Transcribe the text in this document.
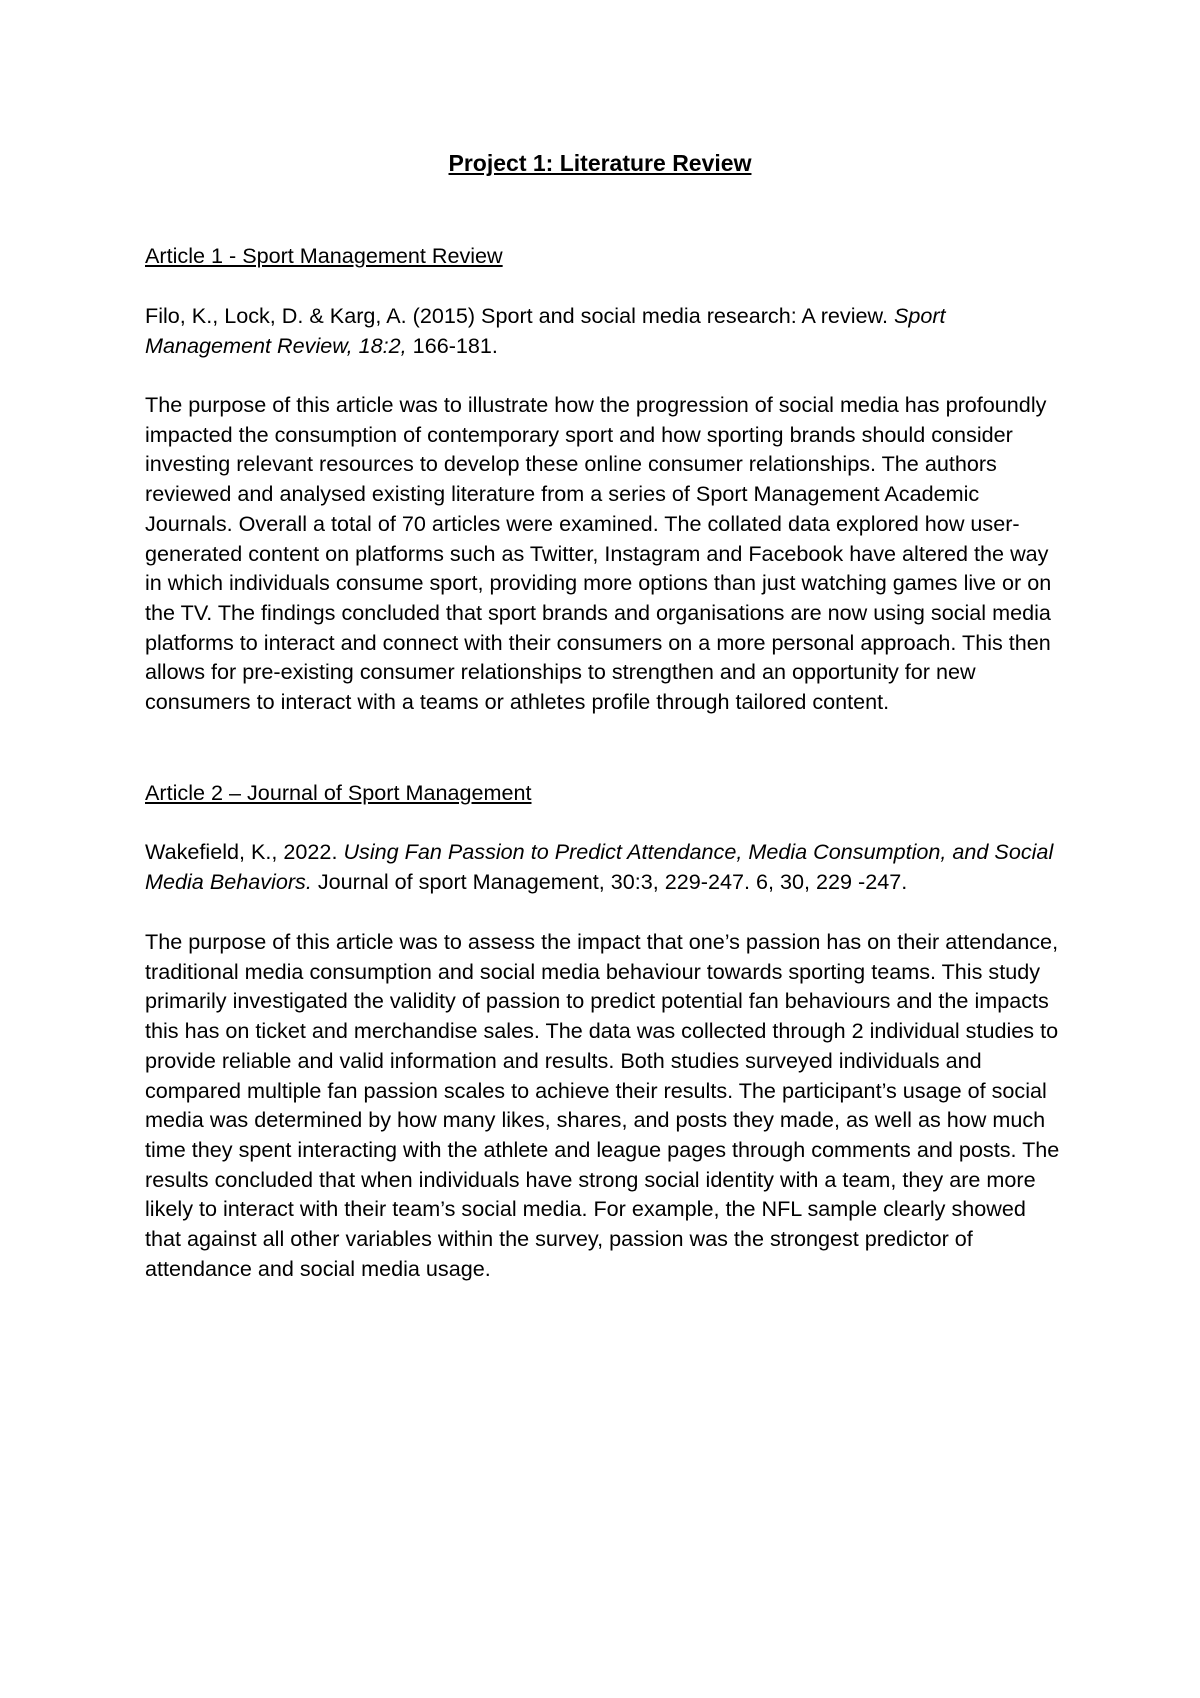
Project 1: Literature Review

Article 1 - Sport Management Review

Filo, K., Lock, D. & Karg, A. (2015) Sport and social media research: A review. Sport Management Review, 18:2, 166-181.

The purpose of this article was to illustrate how the progression of social media has profoundly impacted the consumption of contemporary sport and how sporting brands should consider investing relevant resources to develop these online consumer relationships. The authors reviewed and analysed existing literature from a series of Sport Management Academic Journals. Overall a total of 70 articles were examined. The collated data explored how user-generated content on platforms such as Twitter, Instagram and Facebook have altered the way in which individuals consume sport, providing more options than just watching games live or on the TV. The findings concluded that sport brands and organisations are now using social media platforms to interact and connect with their consumers on a more personal approach. This then allows for pre-existing consumer relationships to strengthen and an opportunity for new consumers to interact with a teams or athletes profile through tailored content.

Article 2 – Journal of Sport Management

Wakefield, K., 2022. Using Fan Passion to Predict Attendance, Media Consumption, and Social Media Behaviors. Journal of sport Management, 30:3, 229-247. 6, 30, 229 -247.

The purpose of this article was to assess the impact that one’s passion has on their attendance, traditional media consumption and social media behaviour towards sporting teams. This study primarily investigated the validity of passion to predict potential fan behaviours and the impacts this has on ticket and merchandise sales. The data was collected through 2 individual studies to provide reliable and valid information and results. Both studies surveyed individuals and compared multiple fan passion scales to achieve their results. The participant’s usage of social media was determined by how many likes, shares, and posts they made, as well as how much time they spent interacting with the athlete and league pages through comments and posts. The results concluded that when individuals have strong social identity with a team, they are more likely to interact with their team’s social media. For example, the NFL sample clearly showed that against all other variables within the survey, passion was the strongest predictor of attendance and social media usage.
